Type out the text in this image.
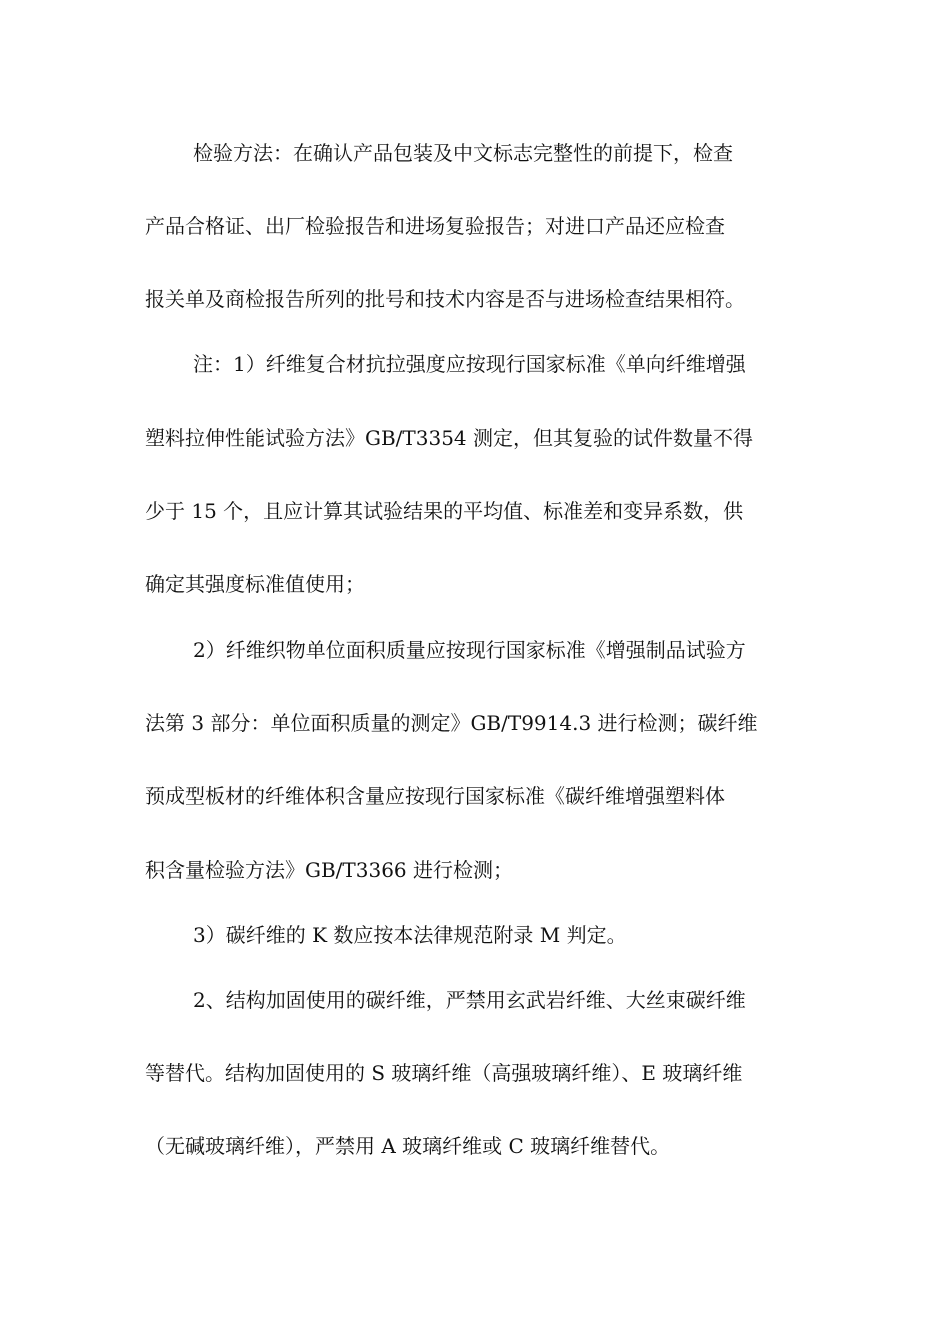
检验方法：在确认产品包装及中文标志完整性的前提下，检查
产品合格证、出厂检验报告和进场复验报告；对进口产品还应检查
报关单及商检报告所列的批号和技术内容是否与进场检查结果相符。
注：1）纤维复合材抗拉强度应按现行国家标准《单向纤维增强
塑料拉伸性能试验方法》GB/T3354 测定，但其复验的试件数量不得
少于 15 个，且应计算其试验结果的平均值、标准差和变异系数，供
确定其强度标准值使用；
2）纤维织物单位面积质量应按现行国家标准《增强制品试验方
法第 3 部分：单位面积质量的测定》GB/T9914.3 进行检测；碳纤维
预成型板材的纤维体积含量应按现行国家标准《碳纤维增强塑料体
积含量检验方法》GB/T3366 进行检测；
3）碳纤维的 K 数应按本法律规范附录 M 判定。
2、结构加固使用的碳纤维，严禁用玄武岩纤维、大丝束碳纤维
等替代。结构加固使用的 S 玻璃纤维（高强玻璃纤维）、E 玻璃纤维
（无碱玻璃纤维），严禁用 A 玻璃纤维或 C 玻璃纤维替代。
